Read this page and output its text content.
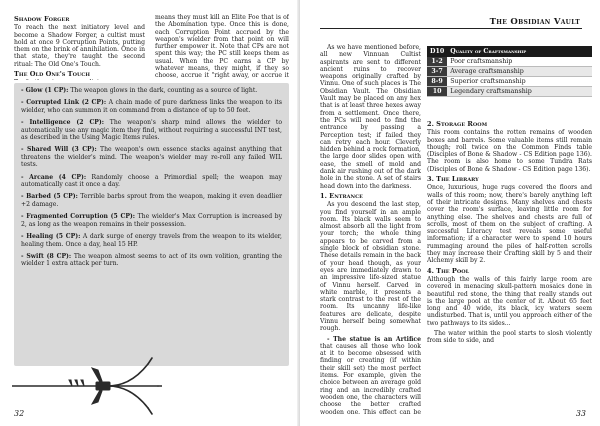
Shadow Forger

To reach the next initiatory level and become a Shadow Forger, a cultist must hold at once 9 Corruption Points, putting them on the brink of annihilation. Once in that state, they're taught the second ritual: The Old One's Touch.

The Old One's Touch

means they must kill an Elite Foe that is of the Abomination type. Once this is done, each Corruption Point accrued by the weapon's wielder from that point on will further empower it. Note that CPs are not spent this way; the PC still keeps them as usual. When the PC earns a CP by whatever means, they might, if they so choose, accrue it "right away, or accrue it

- Glow (1 CP): The weapon glows in the dark, counting as a source of light.

- Corrupted Link (2 CP): A chain made of pure darkness links the weapon to its wielder, who can summon it on command from a distance of up to 50 feet.

- Intelligence (2 CP): The weapon's sharp mind allows the wielder to automatically use any magic item they find, without requiring a successful INT test, as described in the Using Magic Items rules.

- Shared Will (3 CP): The weapon's own essence stacks against anything that threatens the wielder's mind. The weapon's wielder may re-roll any failed WIL tests.

- Arcane (4 CP): Randomly choose a Primordial spell; the weapon may automatically cast it once a day.

- Barbed (5 CP): Terrible barbs sprout from the weapon, making it even deadlier +2 damage.

- Fragmented Corruption (5 CP): The wielder's Max Corruption is increased by 2, as long as the weapon remains in their possession.

- Healing (5 CP): A dark surge of energy travels from the weapon to its wielder, healing them. Once a day, heal 15 HP.

- Swift (8 CP): The weapon almost seems to act of its own volition, granting the wielder 1 extra attack per turn.

32
The Obsidian Vault

As we have mentioned before, all new Vinnuan Cultist aspirants are sent to different ancient ruins to recover weapons originally crafted by Vinnu. One of such places is The Obsidian Vault. The Obsidian Vault may be placed on any hex that is at least three hexes away from a settlement. Once there, the PCs will need to find the entrance by passing a Perception test; if failed they can retry each hour. Cleverly hidden behind a rock formation, the large door slides open with ease, the smell of mold and dank air rushing out of the dark hole in the stone. A set of stairs head down into the darkness.

1. Entrance

As you descend the last step, you find yourself in an ample room. Its black walls seem to almost absorb all the light from your torch; the whole thing appears to be carved from a single block of obsidian stone. These details remain in the back of your head though, as your eyes are immediately drawn to an impressive life-sized statue of Vinnu herself. Carved in white marble, it presents a stark contrast to the rest of the room. Its uncanny life-like features are delicate, despite Vinnu herself being somewhat rough.

- The statue is an Artifice that causes all those who look at it to become obsessed with finding or creating (if within their skill set) the most perfect items. For example, given the choice between an average gold ring and an incredibly crafted wooden one, the characters will choose the better crafted wooden one. This effect can be

D10	Quality of Craftsmanship
1-2	Poor craftsmanship
3-7	Average craftsmanship
8-9	Superior craftsmanship
10	Legendary craftsmanship
2. Storage Room

This room contains the rotten remains of wooden boxes and barrels. Some valuable items still remain though; roll twice on the Common Finds table (Disciples of Bone & Shadow - CS Edition page 136). The room is also home to some Tundra Rats (Disciples of Bone & Shadow - CS Edition page 136).

3. The Library

Once, luxurious, huge rugs covered the floors and walls of this room; now, there's barely anything left of their intricate designs. Many shelves and chests cover the room's surface, leaving little room for anything else. The shelves and chests are full of scrolls, most of them on the subject of crafting. A successful Literacy test reveals some useful information; if a character were to spend 10 hours rummaging around the piles of half-rotten scrolls they may increase their Crafting skill by 5 and their Alchemy skill by 2.

4. The Pool

Although the walls of this fairly large room are covered in menacing skull-pattern mosaics done in beautiful red stone, the thing that really stands out is the large pool at the center of it. About 65 feet long and 40 wide, its black, icy waters seem undisturbed. That is, until you approach either of the two pathways to its sides...

The water within the pool starts to slosh violently from side to side, and

33
